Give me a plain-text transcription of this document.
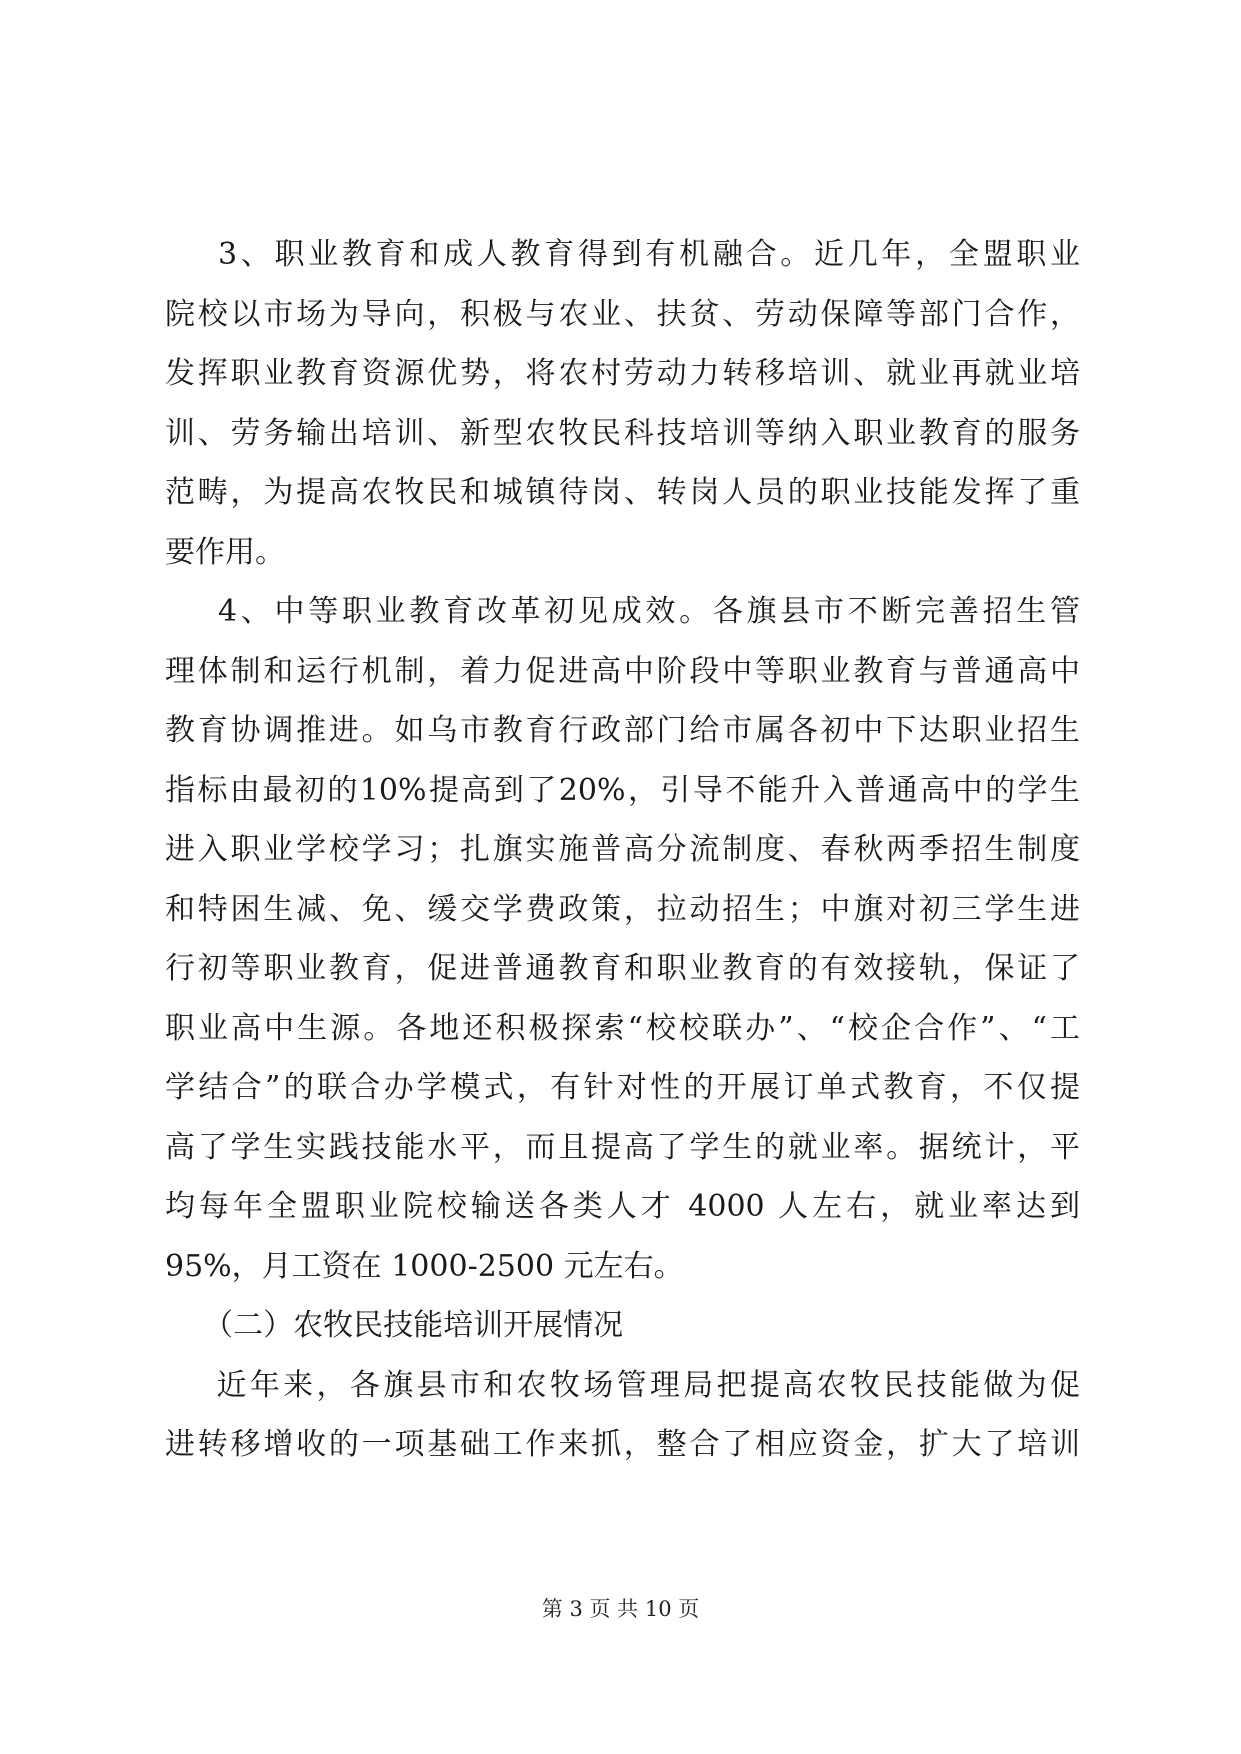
3、职业教育和成人教育得到有机融合。近几年，全盟职业
院校以市场为导向，积极与农业、扶贫、劳动保障等部门合作，
发挥职业教育资源优势，将农村劳动力转移培训、就业再就业培
训、劳务输出培训、新型农牧民科技培训等纳入职业教育的服务
范畴，为提高农牧民和城镇待岗、转岗人员的职业技能发挥了重
要作用。
4、中等职业教育改革初见成效。各旗县市不断完善招生管
理体制和运行机制，着力促进高中阶段中等职业教育与普通高中
教育协调推进。如乌市教育行政部门给市属各初中下达职业招生
指标由最初的10%提高到了20%，引导不能升入普通高中的学生
进入职业学校学习；扎旗实施普高分流制度、春秋两季招生制度
和特困生减、免、缓交学费政策，拉动招生；中旗对初三学生进
行初等职业教育，促进普通教育和职业教育的有效接轨，保证了
职业高中生源。各地还积极探索“校校联办”、“校企合作”、“工
学结合”的联合办学模式，有针对性的开展订单式教育，不仅提
高了学生实践技能水平，而且提高了学生的就业率。据统计，平
均每年全盟职业院校输送各类人才 4000 人左右，就业率达到
95%，月工资在 1000-2500 元左右。
（二）农牧民技能培训开展情况
近年来，各旗县市和农牧场管理局把提高农牧民技能做为促
进转移增收的一项基础工作来抓，整合了相应资金，扩大了培训
第 3 页 共 10 页
